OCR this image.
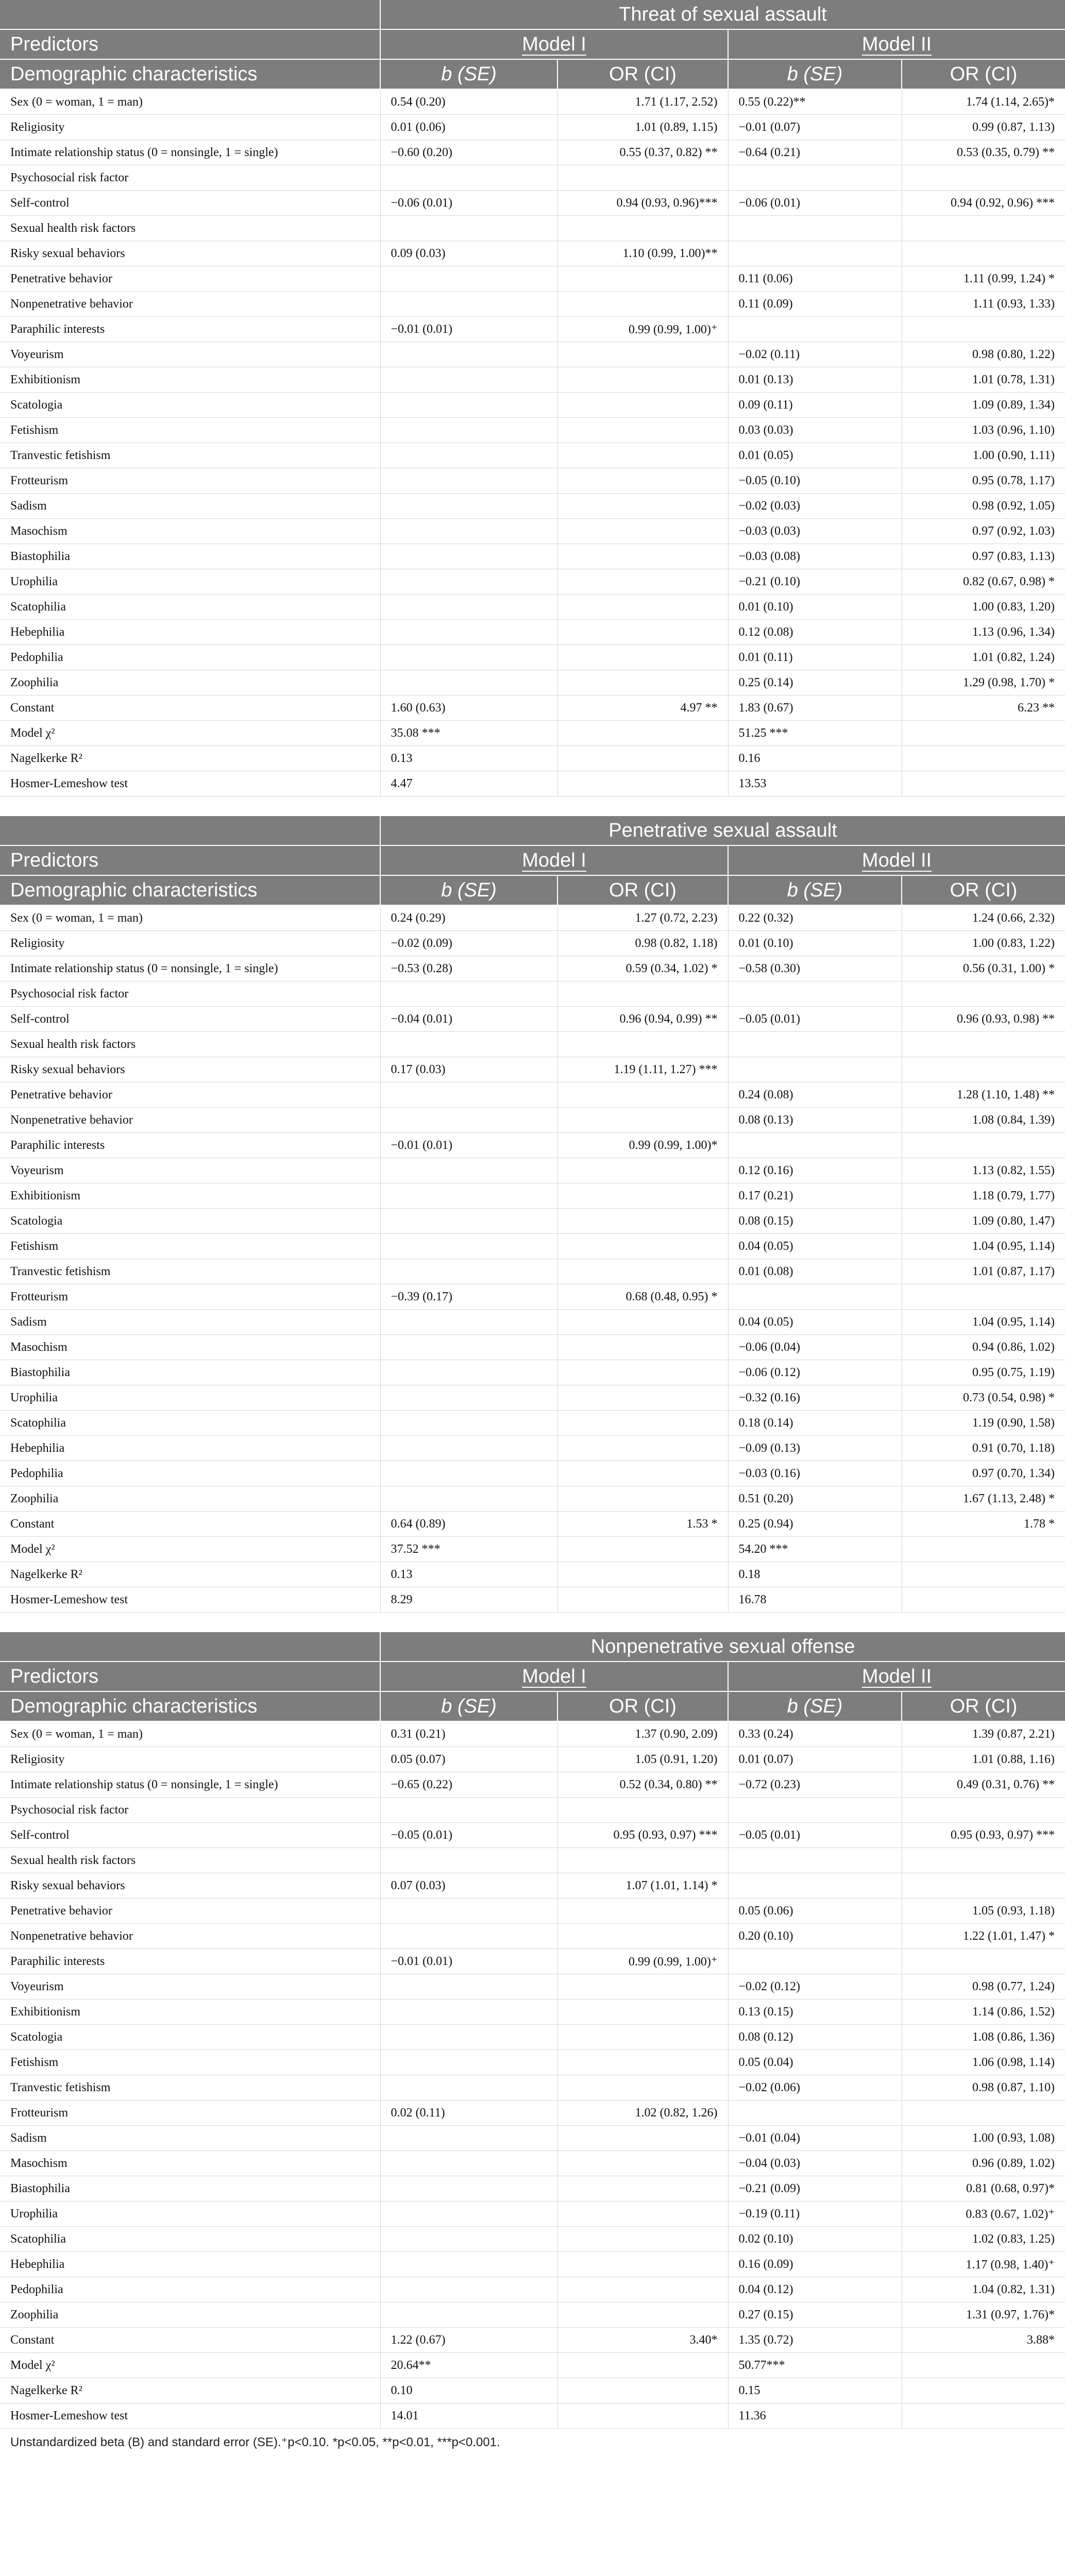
	Threat of sexual assault			
Predictors	Model I		Model II	
Demographic characteristics	b (SE)	OR (CI)	b (SE)	OR (CI)
Sex (0 = woman, 1 = man)	0.54 (0.20)	1.71 (1.17, 2.52)	0.55 (0.22)**	1.74 (1.14, 2.65)*
Religiosity	0.01 (0.06)	1.01 (0.89, 1.15)	−0.01 (0.07)	0.99 (0.87, 1.13)
Intimate relationship status (0 = nonsingle, 1 = single)	−0.60 (0.20)	0.55 (0.37, 0.82) **	−0.64 (0.21)	0.53 (0.35, 0.79) **
Psychosocial risk factor				
Self-control	−0.06 (0.01)	0.94 (0.93, 0.96)***	−0.06 (0.01)	0.94 (0.92, 0.96) ***
Sexual health risk factors				
Risky sexual behaviors	0.09 (0.03)	1.10 (0.99, 1.00)**		
Penetrative behavior			0.11 (0.06)	1.11 (0.99, 1.24) *
Nonpenetrative behavior			0.11 (0.09)	1.11 (0.93, 1.33)
Paraphilic interests	−0.01 (0.01)	0.99 (0.99, 1.00)⁺		
Voyeurism			−0.02 (0.11)	0.98 (0.80, 1.22)
Exhibitionism			0.01 (0.13)	1.01 (0.78, 1.31)
Scatologia			0.09 (0.11)	1.09 (0.89, 1.34)
Fetishism			0.03 (0.03)	1.03 (0.96, 1.10)
Tranvestic fetishism			0.01 (0.05)	1.00 (0.90, 1.11)
Frotteurism			−0.05 (0.10)	0.95 (0.78, 1.17)
Sadism			−0.02 (0.03)	0.98 (0.92, 1.05)
Masochism			−0.03 (0.03)	0.97 (0.92, 1.03)
Biastophilia			−0.03 (0.08)	0.97 (0.83, 1.13)
Urophilia			−0.21 (0.10)	0.82 (0.67, 0.98) *
Scatophilia			0.01 (0.10)	1.00 (0.83, 1.20)
Hebephilia			0.12 (0.08)	1.13 (0.96, 1.34)
Pedophilia			0.01 (0.11)	1.01 (0.82, 1.24)
Zoophilia			0.25 (0.14)	1.29 (0.98, 1.70) *
Constant	1.60 (0.63)	4.97 **	1.83 (0.67)	6.23 **
Model χ²	35.08 ***		51.25 ***	
Nagelkerke R²	0.13		0.16	
Hosmer-Lemeshow test	4.47		13.53	
	Penetrative sexual assault			
Predictors	Model I		Model II	
Demographic characteristics	b (SE)	OR (CI)	b (SE)	OR (CI)
Sex (0 = woman, 1 = man)	0.24 (0.29)	1.27 (0.72, 2.23)	0.22 (0.32)	1.24 (0.66, 2.32)
Religiosity	−0.02 (0.09)	0.98 (0.82, 1.18)	0.01 (0.10)	1.00 (0.83, 1.22)
Intimate relationship status (0 = nonsingle, 1 = single)	−0.53 (0.28)	0.59 (0.34, 1.02) *	−0.58 (0.30)	0.56 (0.31, 1.00) *
Psychosocial risk factor				
Self-control	−0.04 (0.01)	0.96 (0.94, 0.99) **	−0.05 (0.01)	0.96 (0.93, 0.98) **
Sexual health risk factors				
Risky sexual behaviors	0.17 (0.03)	1.19 (1.11, 1.27) ***		
Penetrative behavior			0.24 (0.08)	1.28 (1.10, 1.48) **
Nonpenetrative behavior			0.08 (0.13)	1.08 (0.84, 1.39)
Paraphilic interests	−0.01 (0.01)	0.99 (0.99, 1.00)*		
Voyeurism			0.12 (0.16)	1.13 (0.82, 1.55)
Exhibitionism			0.17 (0.21)	1.18 (0.79, 1.77)
Scatologia			0.08 (0.15)	1.09 (0.80, 1.47)
Fetishism			0.04 (0.05)	1.04 (0.95, 1.14)
Tranvestic fetishism			0.01 (0.08)	1.01 (0.87, 1.17)
Frotteurism	−0.39 (0.17)	0.68 (0.48, 0.95) *		
Sadism			0.04 (0.05)	1.04 (0.95, 1.14)
Masochism			−0.06 (0.04)	0.94 (0.86, 1.02)
Biastophilia			−0.06 (0.12)	0.95 (0.75, 1.19)
Urophilia			−0.32 (0.16)	0.73 (0.54, 0.98) *
Scatophilia			0.18 (0.14)	1.19 (0.90, 1.58)
Hebephilia			−0.09 (0.13)	0.91 (0.70, 1.18)
Pedophilia			−0.03 (0.16)	0.97 (0.70, 1.34)
Zoophilia			0.51 (0.20)	1.67 (1.13, 2.48) *
Constant	0.64 (0.89)	1.53 *	0.25 (0.94)	1.78 *
Model χ²	37.52 ***		54.20 ***	
Nagelkerke R²	0.13		0.18	
Hosmer-Lemeshow test	8.29		16.78	
	Nonpenetrative sexual offense			
Predictors	Model I		Model II	
Demographic characteristics	b (SE)	OR (CI)	b (SE)	OR (CI)
Sex (0 = woman, 1 = man)	0.31 (0.21)	1.37 (0.90, 2.09)	0.33 (0.24)	1.39 (0.87, 2.21)
Religiosity	0.05 (0.07)	1.05 (0.91, 1.20)	0.01 (0.07)	1.01 (0.88, 1.16)
Intimate relationship status (0 = nonsingle, 1 = single)	−0.65 (0.22)	0.52 (0.34, 0.80) **	−0.72 (0.23)	0.49 (0.31, 0.76) **
Psychosocial risk factor				
Self-control	−0.05 (0.01)	0.95 (0.93, 0.97) ***	−0.05 (0.01)	0.95 (0.93, 0.97) ***
Sexual health risk factors				
Risky sexual behaviors	0.07 (0.03)	1.07 (1.01, 1.14) *		
Penetrative behavior			0.05 (0.06)	1.05 (0.93, 1.18)
Nonpenetrative behavior			0.20 (0.10)	1.22 (1.01, 1.47) *
Paraphilic interests	−0.01 (0.01)	0.99 (0.99, 1.00)⁺		
Voyeurism			−0.02 (0.12)	0.98 (0.77, 1.24)
Exhibitionism			0.13 (0.15)	1.14 (0.86, 1.52)
Scatologia			0.08 (0.12)	1.08 (0.86, 1.36)
Fetishism			0.05 (0.04)	1.06 (0.98, 1.14)
Tranvestic fetishism			−0.02 (0.06)	0.98 (0.87, 1.10)
Frotteurism	0.02 (0.11)	1.02 (0.82, 1.26)		
Sadism			−0.01 (0.04)	1.00 (0.93, 1.08)
Masochism			−0.04 (0.03)	0.96 (0.89, 1.02)
Biastophilia			−0.21 (0.09)	0.81 (0.68, 0.97)*
Urophilia			−0.19 (0.11)	0.83 (0.67, 1.02)⁺
Scatophilia			0.02 (0.10)	1.02 (0.83, 1.25)
Hebephilia			0.16 (0.09)	1.17 (0.98, 1.40)⁺
Pedophilia			0.04 (0.12)	1.04 (0.82, 1.31)
Zoophilia			0.27 (0.15)	1.31 (0.97, 1.76)*
Constant	1.22 (0.67)	3.40*	1.35 (0.72)	3.88*
Model χ²	20.64**		50.77***	
Nagelkerke R²	0.10		0.15	
Hosmer-Lemeshow test	14.01		11.36	
Unstandardized beta (B) and standard error (SE).⁺p<0.10. *p<0.05, **p<0.01, ***p<0.001.
